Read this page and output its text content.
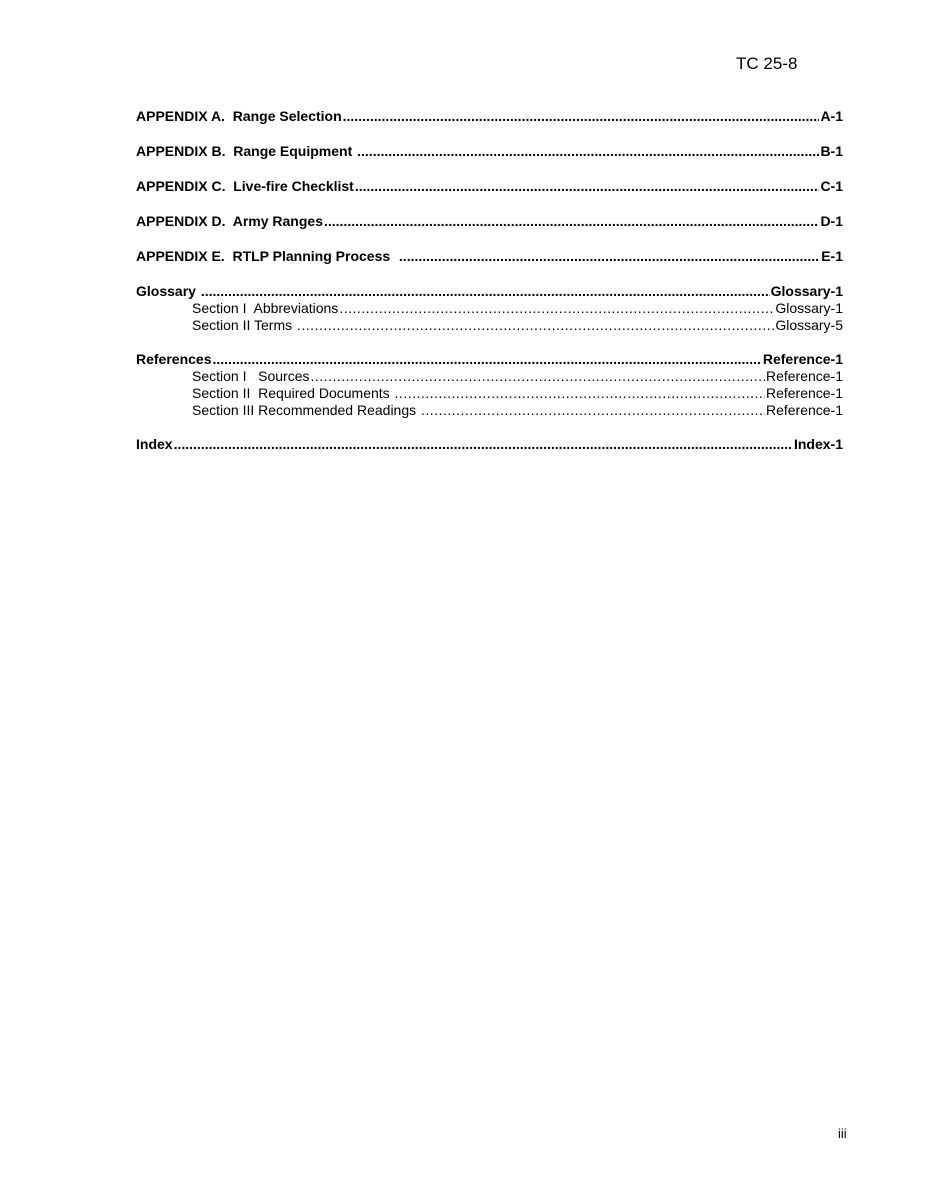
TC 25-8
APPENDIX A.  Range Selection .....	A-1
APPENDIX B.  Range Equipment .....	B-1
APPENDIX C.  Live-fire Checklist .....	C-1
APPENDIX D.  Army Ranges .....	D-1
APPENDIX E.  RTLP Planning Process .....	E-1
Glossary .....	Glossary-1
Section I  Abbreviations .....	Glossary-1
Section II Terms .....	Glossary-5
References .....	Reference-1
Section I   Sources .....	Reference-1
Section II  Required Documents .....	Reference-1
Section III Recommended Readings .....	Reference-1
Index .....	Index-1
iii
